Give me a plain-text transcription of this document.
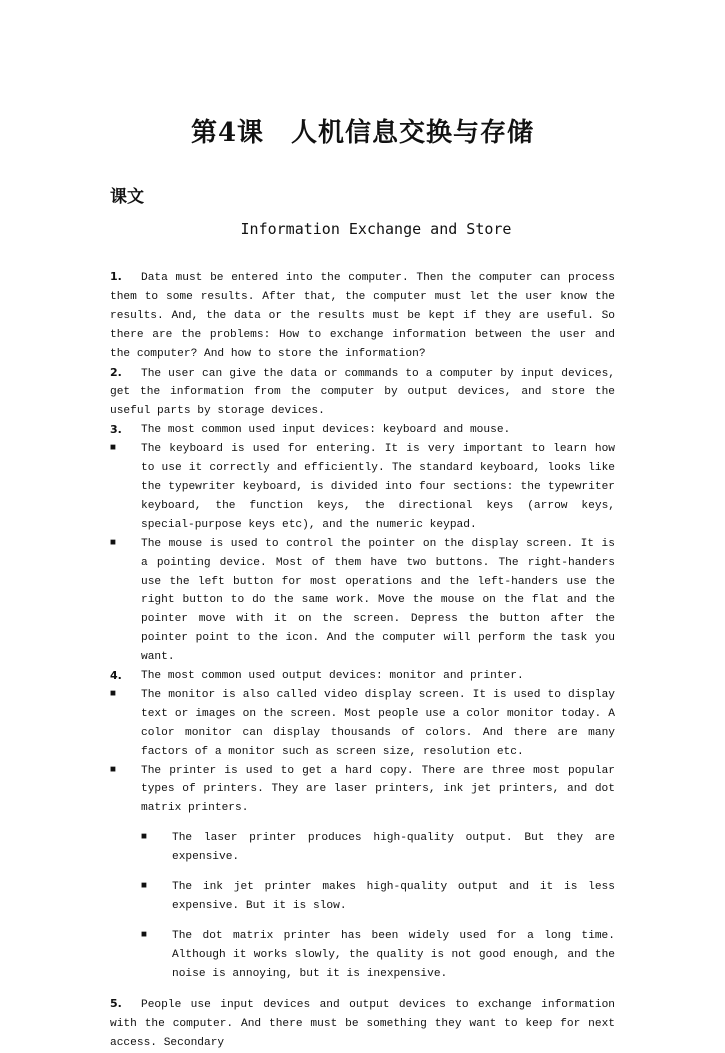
第4课　人机信息交换与存储
课文
Information Exchange and Store

1. Data must be entered into the computer. Then the computer can process them to some results. After that, the computer must let the user know the results. And, the data or the results must be kept if they are useful. So there are the problems: How to exchange information between the user and the computer? And how to store the information?

2. The user can give the data or commands to a computer by input devices, get the information from the computer by output devices, and store the useful parts by storage devices.

3.	The most common used input devices: keyboard and mouse.

■ The keyboard is used for entering. It is very important to learn how to use it correctly and efficiently. The standard keyboard, looks like the typewriter keyboard, is divided into four sections: the typewriter keyboard, the function keys, the directional keys (arrow keys, special-purpose keys etc), and the numeric keypad.

■ The mouse is used to control the pointer on the display screen. It is a pointing device. Most of them have two buttons. The right-handers use the left button for most operations and the left-handers use the right button to do the same work. Move the mouse on the flat and the pointer move with it on the screen. Depress the button after the pointer point to the icon. And the computer will perform the task you want.

4.	The most common used output devices: monitor and printer.

■ The monitor is also called video display screen. It is used to display text or images on the screen. Most people use a color monitor today. A color monitor can display thousands of colors. And there are many factors of a monitor such as screen size, resolution etc.

■ The printer is used to get a hard copy. There are three most popular types of printers. They are laser printers, ink jet printers, and dot matrix printers.

■ The laser printer produces high-quality output. But they are expensive.

■ The ink jet printer makes high-quality output and it is less expensive. But it is slow.

■ The dot matrix printer has been widely used for a long time. Although it works slowly, the quality is not good enough, and the noise is annoying, but it is inexpensive.

5. People use input devices and output devices to exchange information with the computer. And there must be something they want to keep for next access. Secondary
